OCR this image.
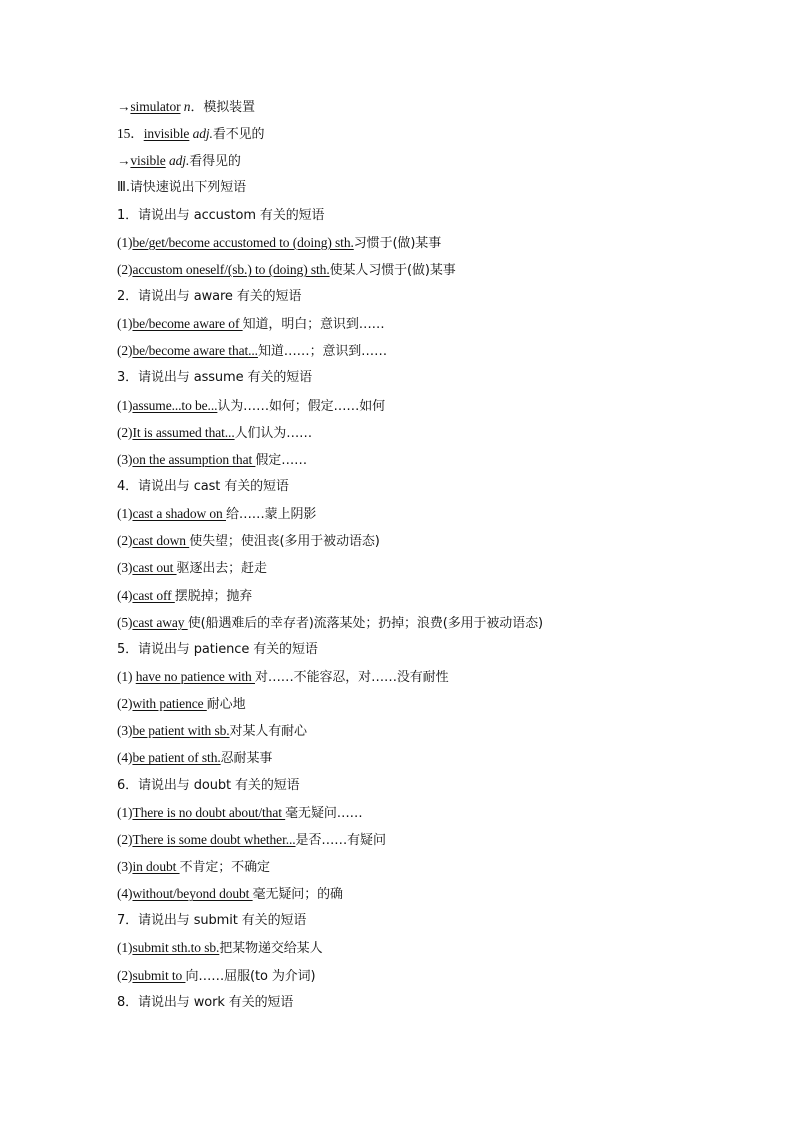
→simulator n．模拟装置
15．invisible adj.看不见的
→visible adj.看得见的
Ⅲ.请快速说出下列短语
1．请说出与 accustom 有关的短语
(1)be/get/become accustomed to (doing) sth.习惯于(做)某事
(2)accustom oneself/(sb.) to (doing) sth.使某人习惯于(做)某事
2．请说出与 aware 有关的短语
(1)be/become aware of 知道，明白；意识到……
(2)be/become aware that...知道……；意识到……
3．请说出与 assume 有关的短语
(1)assume...to be...认为……如何；假定……如何
(2)It is assumed that...人们认为……
(3)on the assumption that 假定……
4．请说出与 cast 有关的短语
(1)cast a shadow on 给……蒙上阴影
(2)cast down 使失望；使沮丧(多用于被动语态)
(3)cast out 驱逐出去；赶走
(4)cast off 摆脱掉；抛弃
(5)cast away 使(船遇难后的幸存者)流落某处；扔掉；浪费(多用于被动语态)
5．请说出与 patience 有关的短语
(1) have no patience with 对……不能容忍，对……没有耐性
(2)with patience 耐心地
(3)be patient with sb.对某人有耐心
(4)be patient of sth.忍耐某事
6．请说出与 doubt 有关的短语
(1)There is no doubt about/that 毫无疑问……
(2)There is some doubt whether...是否……有疑问
(3)in doubt 不肯定；不确定
(4)without/beyond doubt 毫无疑问；的确
7．请说出与 submit 有关的短语
(1)submit sth.to sb.把某物递交给某人
(2)submit to 向……屈服(to 为介词)
8．请说出与 work 有关的短语
